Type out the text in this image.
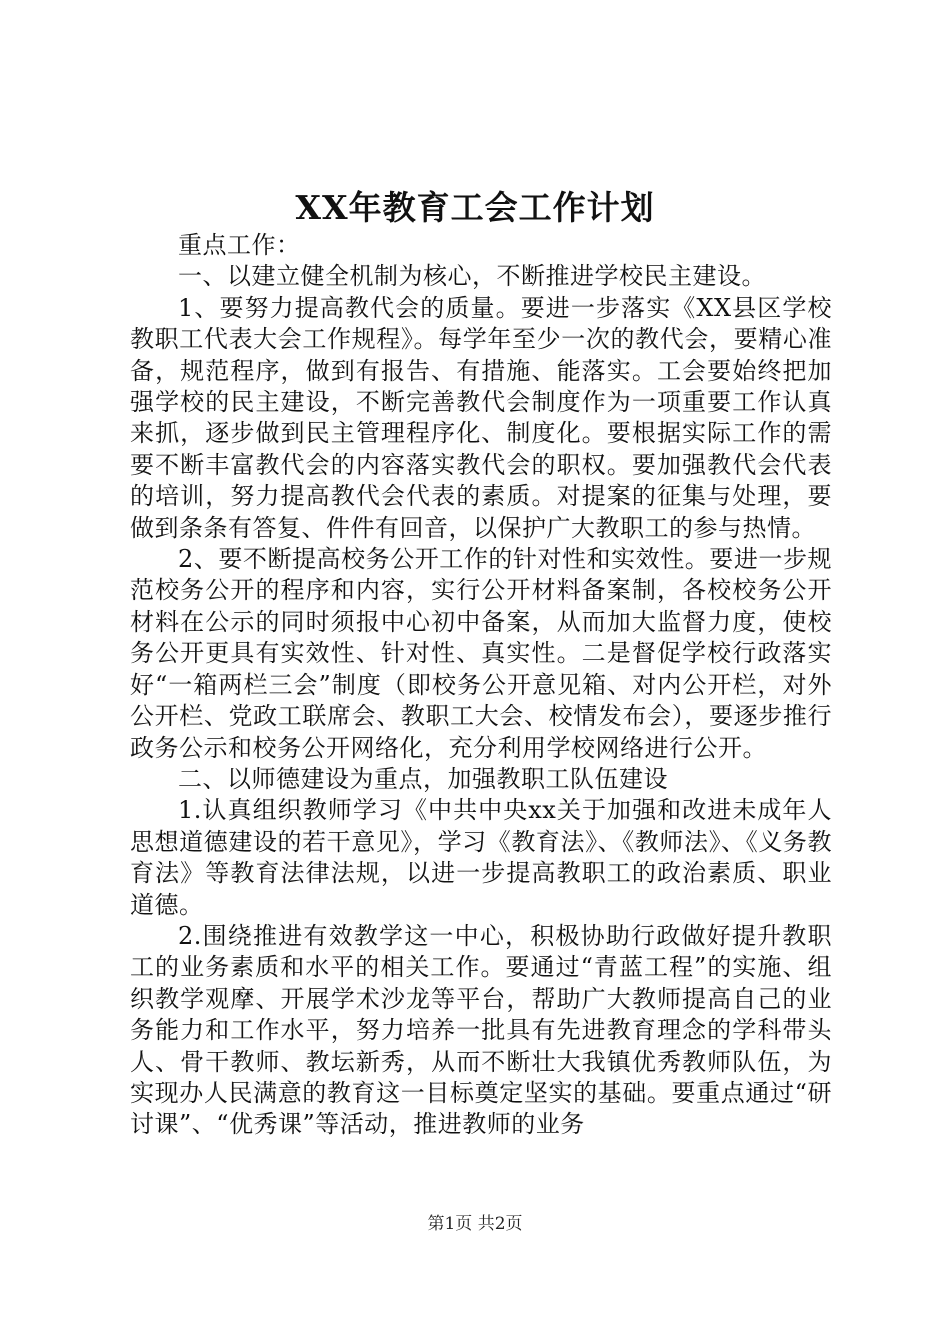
XX年教育工会工作计划

重点工作：

一、以建立健全机制为核心，不断推进学校民主建设。

1、要努力提高教代会的质量。要进一步落实《XX县区学校教职工代表大会工作规程》。每学年至少一次的教代会，要精心准备，规范程序，做到有报告、有措施、能落实。工会要始终把加强学校的民主建设，不断完善教代会制度作为一项重要工作认真来抓，逐步做到民主管理程序化、制度化。要根据实际工作的需要不断丰富教代会的内容落实教代会的职权。要加强教代会代表的培训，努力提高教代会代表的素质。对提案的征集与处理，要做到条条有答复、件件有回音，以保护广大教职工的参与热情。

2、要不断提高校务公开工作的针对性和实效性。要进一步规范校务公开的程序和内容，实行公开材料备案制，各校校务公开材料在公示的同时须报中心初中备案，从而加大监督力度，使校务公开更具有实效性、针对性、真实性。二是督促学校行政落实好“一箱两栏三会”制度（即校务公开意见箱、对内公开栏，对外公开栏、党政工联席会、教职工大会、校情发布会），要逐步推行政务公示和校务公开网络化，充分利用学校网络进行公开。

二、以师德建设为重点，加强教职工队伍建设

1.认真组织教师学习《中共中央xx关于加强和改进未成年人思想道德建设的若干意见》，学习《教育法》、《教师法》、《义务教育法》等教育法律法规，以进一步提高教职工的政治素质、职业道德。

2.围绕推进有效教学这一中心，积极协助行政做好提升教职工的业务素质和水平的相关工作。要通过“青蓝工程”的实施、组织教学观摩、开展学术沙龙等平台，帮助广大教师提高自己的业务能力和工作水平，努力培养一批具有先进教育理念的学科带头人、骨干教师、教坛新秀，从而不断壮大我镇优秀教师队伍，为实现办人民满意的教育这一目标奠定坚实的基础。要重点通过“研讨课”、“优秀课”等活动，推进教师的业务

第1页 共2页
